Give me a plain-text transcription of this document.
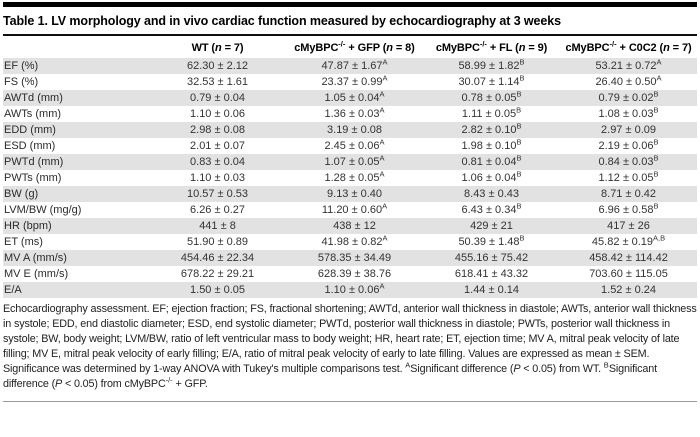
Table 1. LV morphology and in vivo cardiac function measured by echocardiography at 3 weeks
	WT (n = 7)	cMyBPC-/- + GFP (n = 8)	cMyBPC-/- + FL (n = 9)	cMyBPC-/- + C0C2 (n = 7)
EF (%)	62.30 ± 2.12	$47.87 \pm 1.67^A$	$58.99 \pm 1.82^B$	$53.21 \pm 0.72^A$
FS (%)	32.53 ± 1.61	$23.37 \pm 0.99^A$	$30.07 \pm 1.14^B$	$26.40 \pm 0.50^A$
AWTd (mm)	0.79 ± 0.04	$1.05 \pm 0.04^A$	$0.78 \pm 0.05^B$	$0.79 \pm 0.02^B$
AWTs (mm)	1.10 ± 0.06	$1.36 \pm 0.03^A$	$1.11 \pm 0.05^B$	$1.08 \pm 0.03^B$
EDD (mm)	2.98 ± 0.08	3.19 ± 0.08	$2.82 \pm 0.10^B$	2.97 ± 0.09
ESD (mm)	2.01 ± 0.07	$2.45 \pm 0.06^A$	$1.98 \pm 0.10^B$	$2.19 \pm 0.06^B$
PWTd (mm)	0.83 ± 0.04	$1.07 \pm 0.05^A$	$0.81 \pm 0.04^B$	$0.84 \pm 0.03^B$
PWTs (mm)	1.10 ± 0.03	$1.28 \pm 0.05^A$	$1.06 \pm 0.04^B$	$1.12 \pm 0.05^B$
BW (g)	10.57 ± 0.53	9.13 ± 0.40	8.43 ± 0.43	8.71 ± 0.42
LVM/BW (mg/g)	6.26 ± 0.27	$11.20 \pm 0.60^A$	$6.43 \pm 0.34^B$	$6.96 \pm 0.58^B$
HR (bpm)	441 ± 8	438 ± 12	429 ± 21	417 ± 26
ET (ms)	51.90 ± 0.89	$41.98 \pm 0.82^A$	$50.39 \pm 1.48^B$	$45.82 \pm 0.19^{A,B}$
MV A (mm/s)	454.46 ± 22.34	578.35 ± 34.49	455.16 ± 75.42	458.42 ± 114.42
MV E (mm/s)	678.22 ± 29.21	628.39 ± 38.76	618.41 ± 43.32	703.60 ± 115.05
E/A	1.50 ± 0.05	$1.10 \pm 0.06^A$	1.44 ± 0.14	1.52 ± 0.24

Echocardiography assessment. EF; ejection fraction; FS, fractional shortening; AWTd, anterior wall thickness in diastole; AWTs, anterior wall thickness in systole; EDD, end diastolic diameter; ESD, end systolic diameter; PWTd, posterior wall thickness in diastole; PWTs, posterior wall thickness in systole; BW, body weight; LVM/BW, ratio of left ventricular mass to body weight; HR, heart rate; ET, ejection time; MV A, mitral peak velocity of late filling; MV E, mitral peak velocity of early filling; E/A, ratio of mitral peak velocity of early to late filling. Values are expressed as mean ± SEM. Significance was determined by 1-way ANOVA with Tukey's multiple comparisons test. $^A$Significant difference (P < 0.05) from WT. $^B$Significant difference (P < 0.05) from cMyBPC-/- + GFP.
